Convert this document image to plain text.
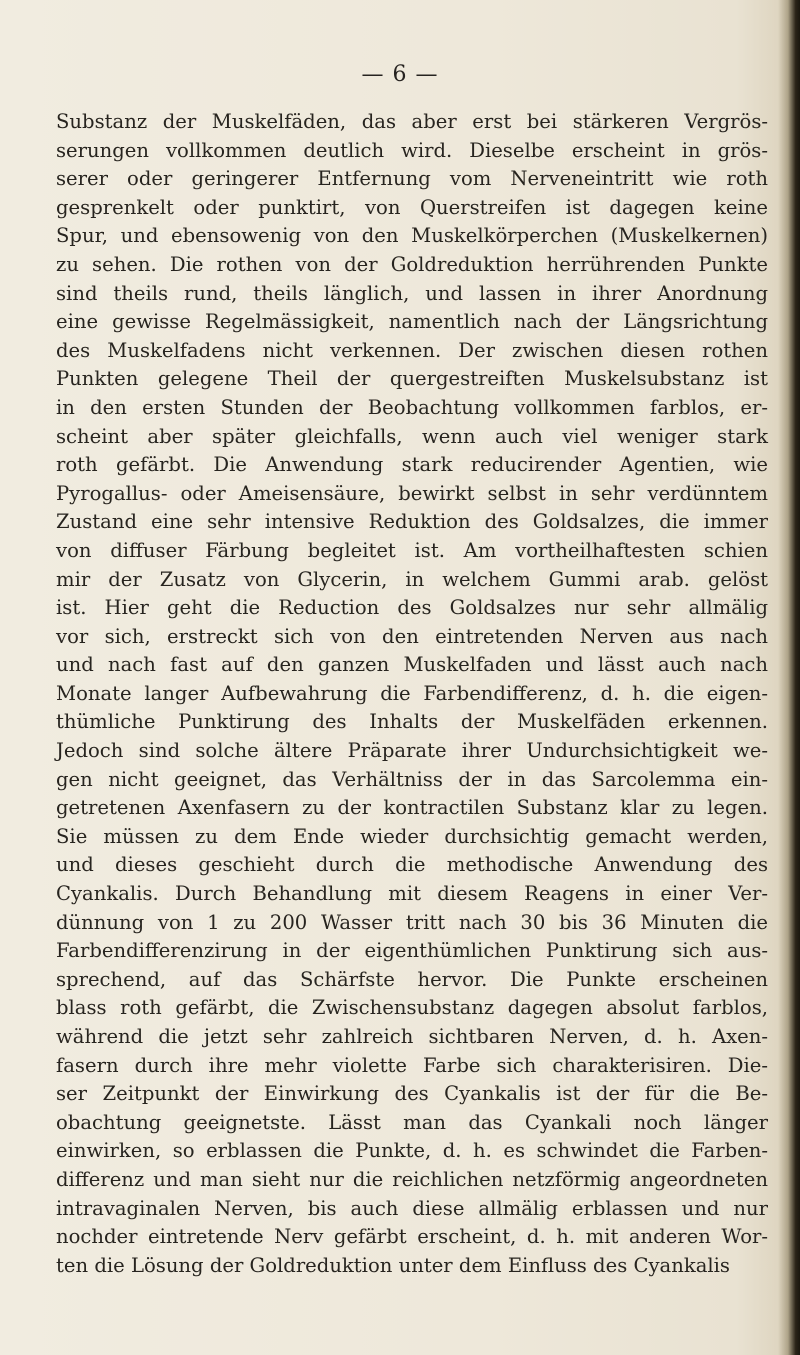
— 6 —
Substanz der Muskelfäden, das aber erst bei stärkeren Vergrös-
serungen vollkommen deutlich wird. Dieselbe erscheint in grös-
serer oder geringerer Entfernung vom Nerveneintritt wie roth
gesprenkelt oder punktirt, von Querstreifen ist dagegen keine
Spur, und ebensowenig von den Muskelkörperchen (Muskelkernen)
zu sehen. Die rothen von der Goldreduktion herrührenden Punkte
sind theils rund, theils länglich, und lassen in ihrer Anordnung
eine gewisse Regelmässigkeit, namentlich nach der Längsrichtung
des Muskelfadens nicht verkennen. Der zwischen diesen rothen
Punkten gelegene Theil der quergestreiften Muskelsubstanz ist
in den ersten Stunden der Beobachtung vollkommen farblos, er-
scheint aber später gleichfalls, wenn auch viel weniger stark
roth gefärbt. Die Anwendung stark reducirender Agentien, wie
Pyrogallus- oder Ameisensäure, bewirkt selbst in sehr verdünntem
Zustand eine sehr intensive Reduktion des Goldsalzes, die immer
von diffuser Färbung begleitet ist. Am vortheilhaftesten schien
mir der Zusatz von Glycerin, in welchem Gummi arab. gelöst
ist. Hier geht die Reduction des Goldsalzes nur sehr allmälig
vor sich, erstreckt sich von den eintretenden Nerven aus nach
und nach fast auf den ganzen Muskelfaden und lässt auch nach
Monate langer Aufbewahrung die Farbendifferenz, d. h. die eigen-
thümliche Punktirung des Inhalts der Muskelfäden erkennen.
Jedoch sind solche ältere Präparate ihrer Undurchsichtigkeit we-
gen nicht geeignet, das Verhältniss der in das Sarcolemma ein-
getretenen Axenfasern zu der kontractilen Substanz klar zu legen.
Sie müssen zu dem Ende wieder durchsichtig gemacht werden,
und dieses geschieht durch die methodische Anwendung des
Cyankalis. Durch Behandlung mit diesem Reagens in einer Ver-
dünnung von 1 zu 200 Wasser tritt nach 30 bis 36 Minuten die
Farbendifferenzirung in der eigenthümlichen Punktirung sich aus-
sprechend, auf das Schärfste hervor. Die Punkte erscheinen
blass roth gefärbt, die Zwischensubstanz dagegen absolut farblos,
während die jetzt sehr zahlreich sichtbaren Nerven, d. h. Axen-
fasern durch ihre mehr violette Farbe sich charakterisiren. Die-
ser Zeitpunkt der Einwirkung des Cyankalis ist der für die Be-
obachtung geeignetste. Lässt man das Cyankali noch länger
einwirken, so erblassen die Punkte, d. h. es schwindet die Farben-
differenz und man sieht nur die reichlichen netzförmig angeordneten
intravaginalen Nerven, bis auch diese allmälig erblassen und nur
nochder eintretende Nerv gefärbt erscheint, d. h. mit anderen Wor-
ten die Lösung der Goldreduktion unter dem Einfluss des Cyankalis
